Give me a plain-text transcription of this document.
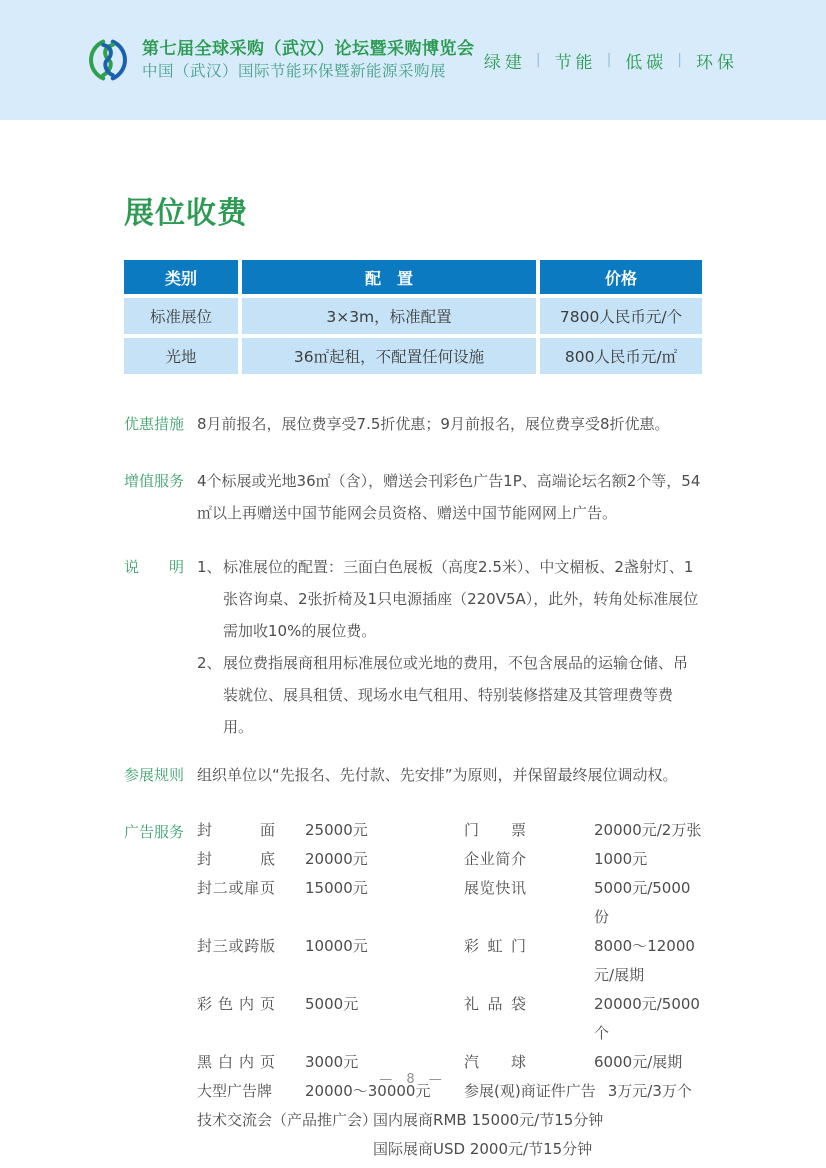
第七届全球采购（武汉）论坛暨采购博览会
中国（武汉）国际节能环保暨新能源采购展	绿建 | 节能 | 低碳 | 环保
展位收费
类别	配　置	价格
标准展位	3×3m，标准配置	7800人民币元/个
光地	36㎡起租，不配置任何设施	800人民币元/㎡
优惠措施 8月前报名，展位费享受7.5折优惠；9月前报名，展位费享受8折优惠。
增值服务 4个标展或光地36㎡（含），赠送会刊彩色广告1P、高端论坛名额2个等，54㎡以上再赠送中国节能网会员资格、赠送中国节能网网上广告。
说明 1、 标准展位的配置：三面白色展板（高度2.5米）、中文楣板、2盏射灯、1张咨询桌、2张折椅及1只电源插座（220V5A），此外，转角处标准展位需加收10%的展位费。
2、 展位费指展商租用标准展位或光地的费用，不包含展品的运输仓储、吊装就位、展具租赁、现场水电气租用、特别装修搭建及其管理费等费用。
参展规则 组织单位以“先报名、先付款、先安排”为原则，并保留最终展位调动权。
广告服务 封面	25000元	门票	20000元/2万张
封底	20000元	企业简介	1000元
封二或扉页	15000元	展览快讯	5000元/5000份
封三或跨版	10000元	彩虹门	8000～12000元/展期
彩色内页	5000元	礼品袋	20000元/5000个
黑白内页	3000元	汽球	6000元/展期
大型广告牌	20000～30000元	参展(观)商证件广告 3万元/3万个
技术交流会（产品推广会）
国内展商RMB 15000元/节15分钟
国际展商USD 2000元/节15分钟
— 8 —
